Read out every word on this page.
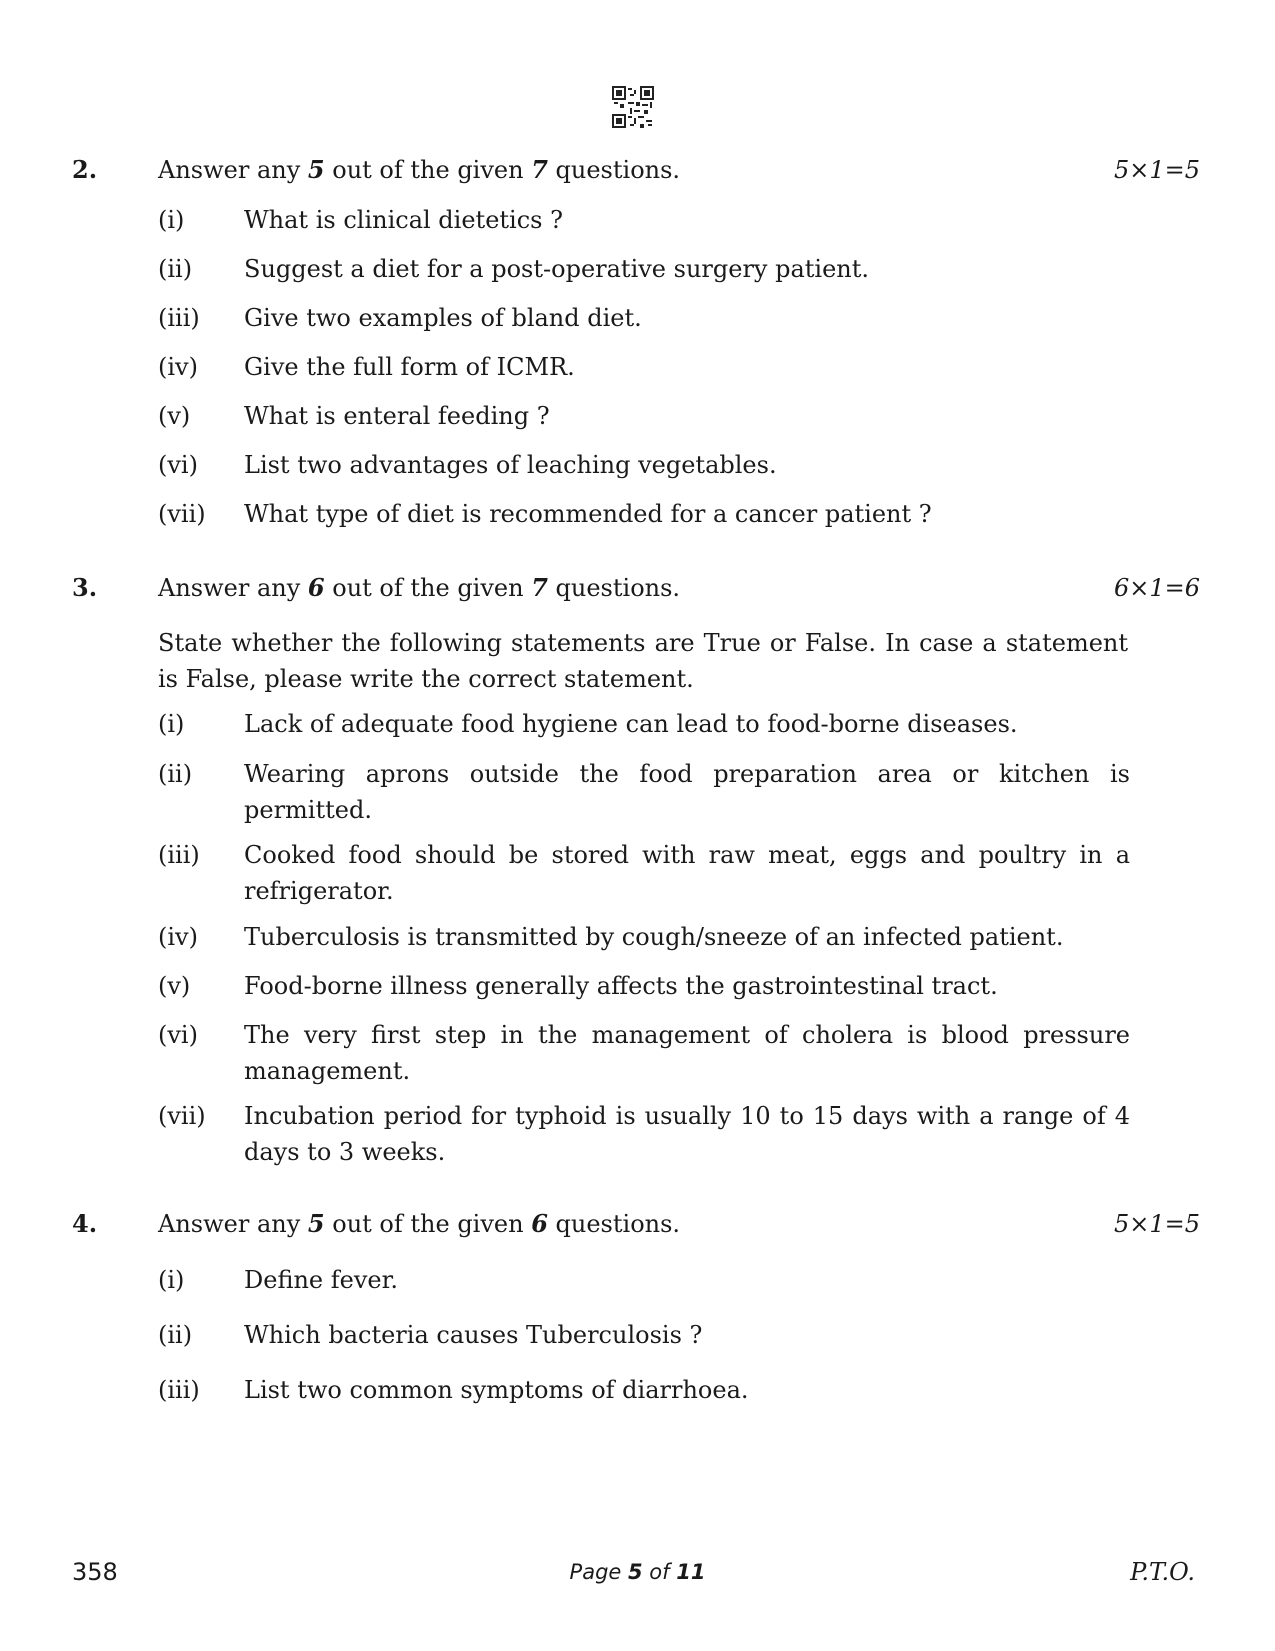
2.	Answer any 5 out of the given 7 questions.	5×1=5
(i) What is clinical dietetics ?
(ii) Suggest a diet for a post-operative surgery patient.
(iii) Give two examples of bland diet.
(iv) Give the full form of ICMR.
(v) What is enteral feeding ?
(vi) List two advantages of leaching vegetables.
(vii) What type of diet is recommended for a cancer patient ?
3.	Answer any 6 out of the given 7 questions.	6×1=6
State whether the following statements are True or False. In case a statement is False, please write the correct statement.
(i) Lack of adequate food hygiene can lead to food-borne diseases.
(ii) Wearing aprons outside the food preparation area or kitchen is permitted.
(iii) Cooked food should be stored with raw meat, eggs and poultry in a refrigerator.
(iv) Tuberculosis is transmitted by cough/sneeze of an infected patient.
(v) Food-borne illness generally affects the gastrointestinal tract.
(vi) The very first step in the management of cholera is blood pressure management.
(vii) Incubation period for typhoid is usually 10 to 15 days with a range of 4 days to 3 weeks.
4.	Answer any 5 out of the given 6 questions.	5×1=5
(i) Define fever.
(ii) Which bacteria causes Tuberculosis ?
(iii) List two common symptoms of diarrhoea.
358	Page 5 of 11	P.T.O.
